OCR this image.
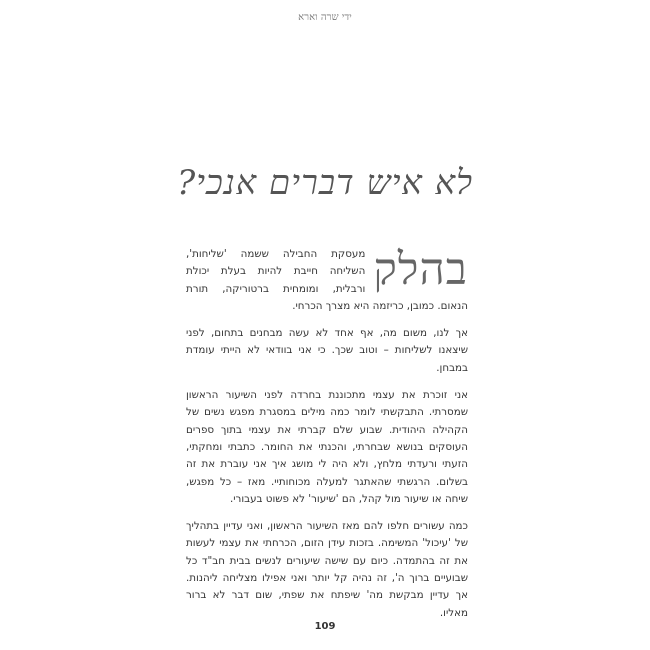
ידי שרה וארא
לא איש דברים אנכי?
בהלק
מעסקת החבילה ששמה 'שליחות', השליחה חייבת להיות בעלת יכולת ורבלית, ומומחית ברטוריקה, תורת הנאום. כמובן, כריזמה היא מצרך הכרחי.
אך לנו, משום מה, אף אחד לא עשה מבחנים בתחום, לפני שיצאנו לשליחות – וטוב שכך. כי אני בוודאי לא הייתי עומדת במבחן.
אני זוכרת את עצמי מתכוננת בחרדה לפני השיעור הראשון שמסרתי. התבקשתי לומר כמה מילים במסגרת מפגש נשים של הקהילה היהודית. שבוע שלם קברתי את עצמי בתוך ספרים העוסקים בנושא שבחרתי, והכנתי את החומר. כתבתי ומחקתי, הזעתי ורעדתי מלחץ, ולא היה לי מושג איך אני עוברת את זה בשלום. הרגשתי שהאתגר למעלה מכוחותיי. מאז – כל מפגש, שיחה או שיעור מול קהל, הם 'שיעור' לא פשוט בעבורי.
כמה עשורים חלפו להם מאז השיעור הראשון, ואני עדיין בתהליך של 'עיכול' המשימה. בזכות עידן הזום, הכרחתי את עצמי לעשות את זה בהתמדה. כיום עם שישה שיעורים לנשים בבית חב"ד כל שבועיים ברוך ה', זה נהיה קל יותר ואני אפילו מצליחה ליהנות. אך עדיין מבקשת מה' שיפתח את שפתי, שום דבר לא ברור מאליו.
109
